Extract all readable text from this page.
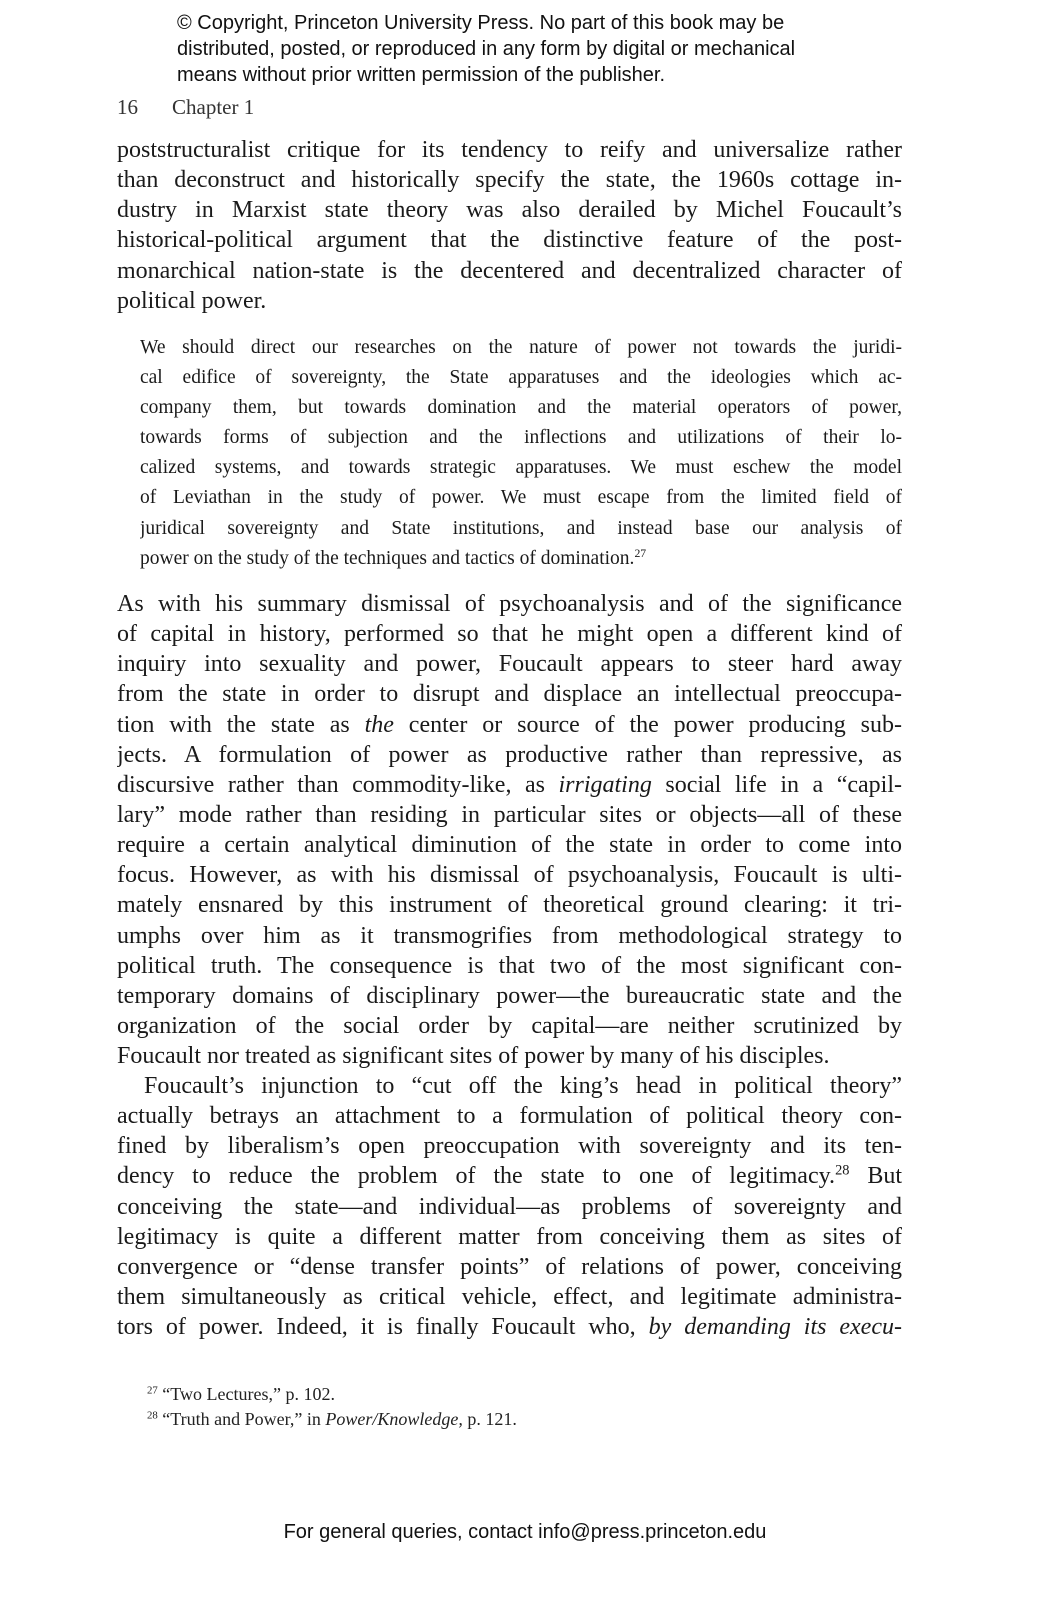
© Copyright, Princeton University Press. No part of this book may be
distributed, posted, or reproduced in any form by digital or mechanical
means without prior written permission of the publisher.
16 Chapter 1
poststructuralist critique for its tendency to reify and universalize rather
than deconstruct and historically specify the state, the 1960s cottage in-
dustry in Marxist state theory was also derailed by Michel Foucault’s
historical-political argument that the distinctive feature of the post-
monarchical nation-state is the decentered and decentralized character of
political power.
We should direct our researches on the nature of power not towards the juridi-
cal edifice of sovereignty, the State apparatuses and the ideologies which ac-
company them, but towards domination and the material operators of power,
towards forms of subjection and the inflections and utilizations of their lo-
calized systems, and towards strategic apparatuses. We must eschew the model
of Leviathan in the study of power. We must escape from the limited field of
juridical sovereignty and State institutions, and instead base our analysis of
power on the study of the techniques and tactics of domination.$^{27}$
As with his summary dismissal of psychoanalysis and of the significance
of capital in history, performed so that he might open a different kind of
inquiry into sexuality and power, Foucault appears to steer hard away
from the state in order to disrupt and displace an intellectual preoccupa-
tion with the state as the center or source of the power producing sub-
jects. A formulation of power as productive rather than repressive, as
discursive rather than commodity-like, as irrigating social life in a “capil-
lary” mode rather than residing in particular sites or objects—all of these
require a certain analytical diminution of the state in order to come into
focus. However, as with his dismissal of psychoanalysis, Foucault is ulti-
mately ensnared by this instrument of theoretical ground clearing: it tri-
umphs over him as it transmogrifies from methodological strategy to
political truth. The consequence is that two of the most significant con-
temporary domains of disciplinary power—the bureaucratic state and the
organization of the social order by capital—are neither scrutinized by
Foucault nor treated as significant sites of power by many of his disciples.
Foucault’s injunction to “cut off the king’s head in political theory”
actually betrays an attachment to a formulation of political theory con-
fined by liberalism’s open preoccupation with sovereignty and its ten-
dency to reduce the problem of the state to one of legitimacy.$^{28}$ But
conceiving the state—and individual—as problems of sovereignty and
legitimacy is quite a different matter from conceiving them as sites of
convergence or “dense transfer points” of relations of power, conceiving
them simultaneously as critical vehicle, effect, and legitimate administra-
tors of power. Indeed, it is finally Foucault who, by demanding its execu-
$^{27}$ “Two Lectures,” p. 102.
$^{28}$ “Truth and Power,” in Power/Knowledge, p. 121.
For general queries, contact info@press.princeton.edu
